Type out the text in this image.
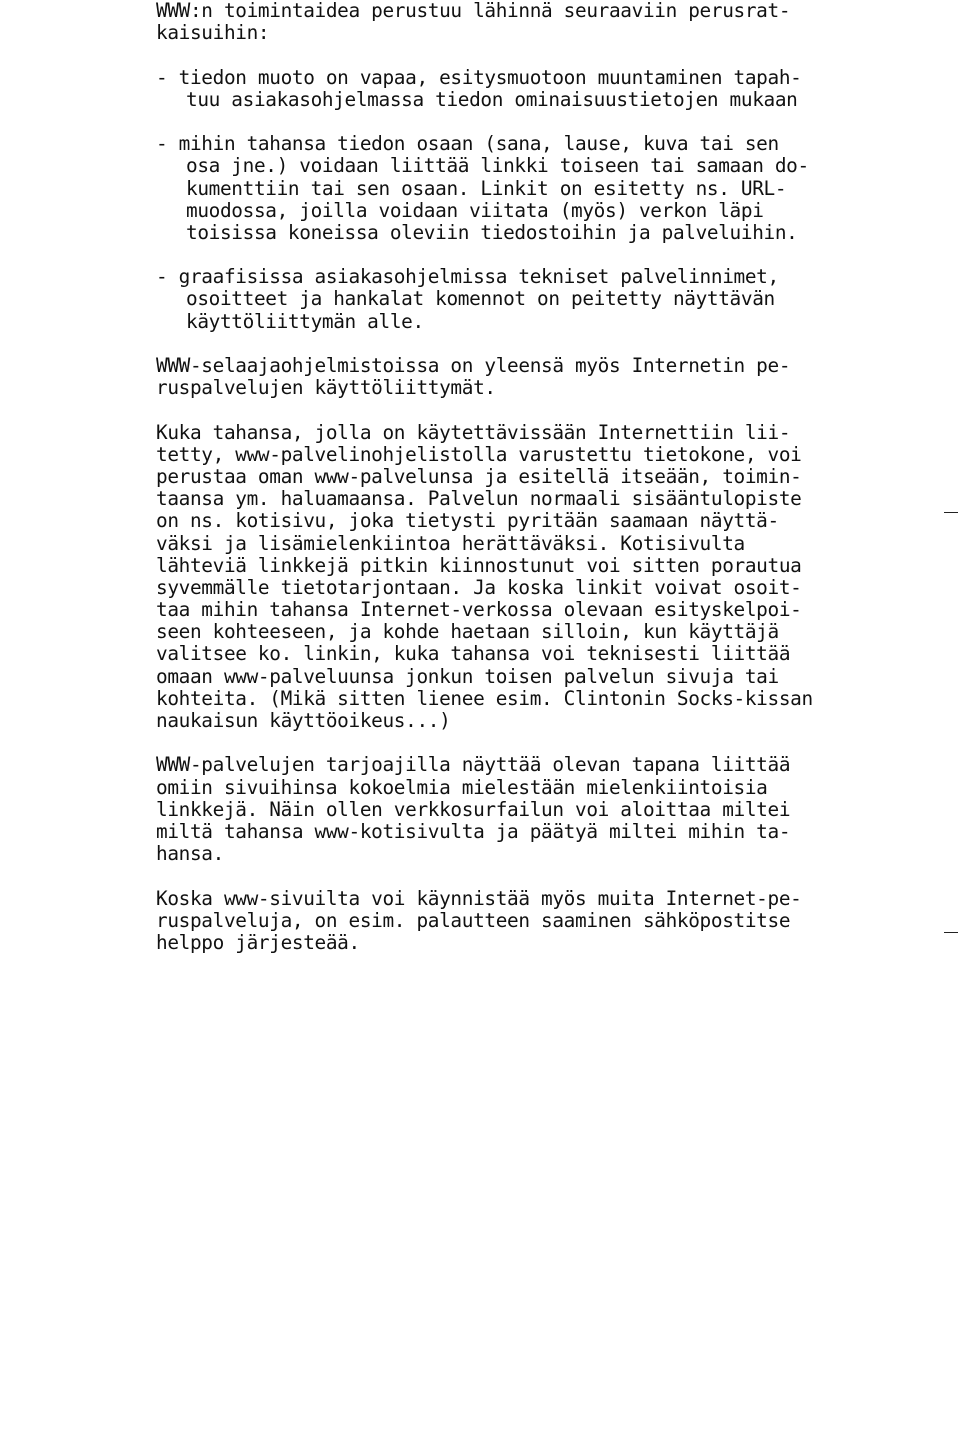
WWW:n toimintaidea perustuu lähinnä seuraaviin perusrat-
kaisuihin:
- tiedon muoto on vapaa, esitysmuotoon muuntaminen tapah-
tuu asiakasohjelmassa tiedon ominaisuustietojen mukaan
- mihin tahansa tiedon osaan (sana, lause, kuva tai sen
osa jne.) voidaan liittää linkki toiseen tai samaan do-
kumenttiin tai sen osaan. Linkit on esitetty ns. URL-
muodossa, joilla voidaan viitata (myös) verkon läpi
toisissa koneissa oleviin tiedostoihin ja palveluihin.
- graafisissa asiakasohjelmissa tekniset palvelinnimet,
osoitteet ja hankalat komennot on peitetty näyttävän
käyttöliittymän alle.
WWW-selaajaohjelmistoissa on yleensä myös Internetin pe-
ruspalvelujen käyttöliittymät.
Kuka tahansa, jolla on käytettävissään Internettiin lii-
tetty, www-palvelinohjelistolla varustettu tietokone, voi
perustaa oman www-palvelunsa ja esitellä itseään, toimin-
taansa ym. haluamaansa. Palvelun normaali sisääntulopiste
on ns. kotisivu, joka tietysti pyritään saamaan näyttä-
väksi ja lisämielenkiintoa herättäväksi. Kotisivulta
lähteviä linkkejä pitkin kiinnostunut voi sitten porautua
syvemmälle tietotarjontaan. Ja koska linkit voivat osoit-
taa mihin tahansa Internet-verkossa olevaan esityskelpoi-
seen kohteeseen, ja kohde haetaan silloin, kun käyttäjä
valitsee ko. linkin, kuka tahansa voi teknisesti liittää
omaan www-palveluunsa jonkun toisen palvelun sivuja tai
kohteita. (Mikä sitten lienee esim. Clintonin Socks-kissan
naukaisun käyttöoikeus...)
WWW-palvelujen tarjoajilla näyttää olevan tapana liittää
omiin sivuihinsa kokoelmia mielestään mielenkiintoisia
linkkejä. Näin ollen verkkosurfailun voi aloittaa miltei
miltä tahansa www-kotisivulta ja päätyä miltei mihin ta-
hansa.
Koska www-sivuilta voi käynnistää myös muita Internet-pe-
ruspalveluja, on esim. palautteen saaminen sähköpostitse
helppo järjesteää.
